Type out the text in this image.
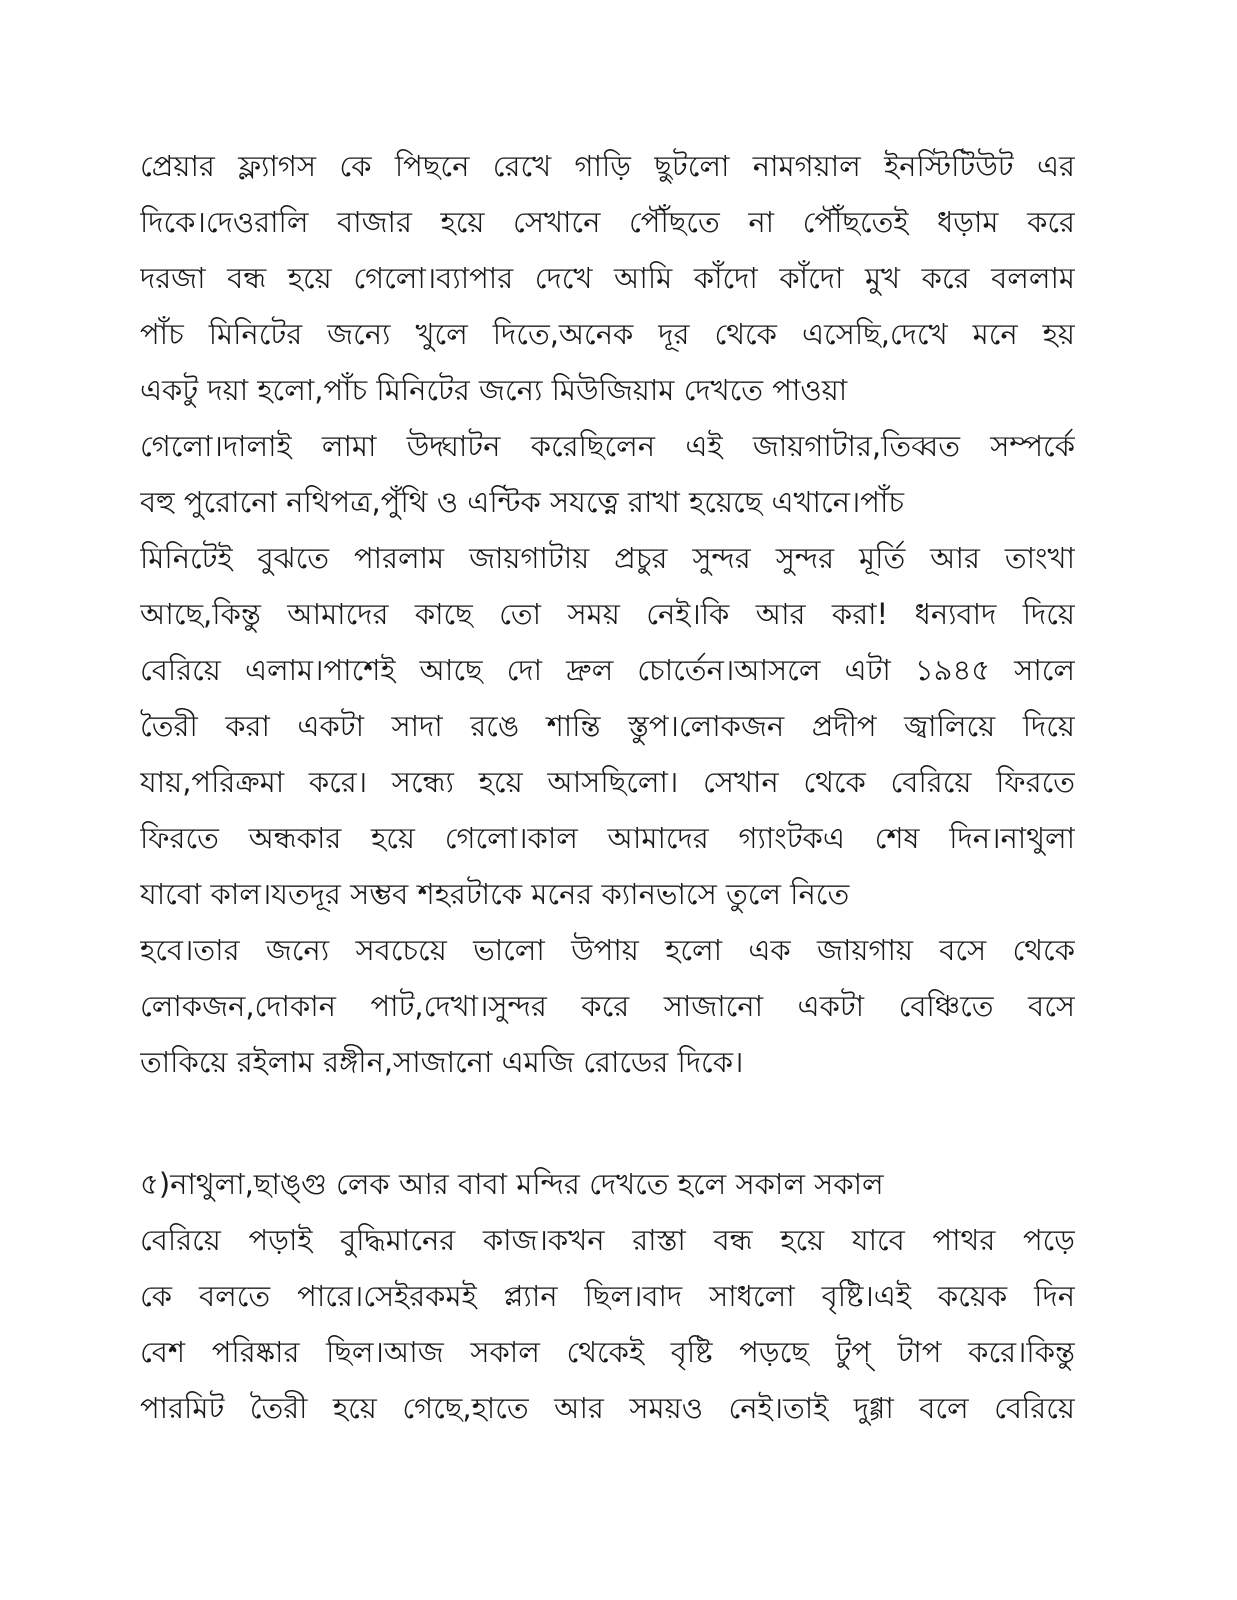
প্রেয়ার ফ্ল্যাগস কে পিছনে রেখে গাড়ি ছুটলো নামগয়াল ইনস্টিটিউট এর
দিকে।দেওরালি বাজার হয়ে সেখানে পৌঁছতে না পৌঁছতেই ধড়াম করে
দরজা বন্ধ হয়ে গেলো।ব্যাপার দেখে আমি কাঁদো কাঁদো মুখ করে বললাম
পাঁচ মিনিটের জন্যে খুলে দিতে,অনেক দূর থেকে এসেছি,দেখে মনে হয়
একটু দয়া হলো,পাঁচ মিনিটের জন্যে মিউজিয়াম দেখতে পাওয়া
গেলো।দালাই লামা উদ্ঘাটন করেছিলেন এই জায়গাটার,তিব্বত সম্পর্কে
বহু পুরোনো নথিপত্র,পুঁথি ও এন্টিক সযত্নে রাখা হয়েছে এখানে।পাঁচ
মিনিটেই বুঝতে পারলাম জায়গাটায় প্রচুর সুন্দর সুন্দর মূর্তি আর তাংখা
আছে,কিন্তু আমাদের কাছে তো সময় নেই।কি আর করা! ধন্যবাদ দিয়ে
বেরিয়ে এলাম।পাশেই আছে দো দ্রুল চোর্তেন।আসলে এটা ১৯৪৫ সালে
তৈরী করা একটা সাদা রঙে শান্তি স্তুপ।লোকজন প্রদীপ জ্বালিয়ে দিয়ে
যায়,পরিক্রমা করে। সন্ধ্যে হয়ে আসছিলো। সেখান থেকে বেরিয়ে ফিরতে
ফিরতে অন্ধকার হয়ে গেলো।কাল আমাদের গ্যাংটকএ শেষ দিন।নাথুলা
যাবো কাল।যতদূর সম্ভব শহরটাকে মনের ক্যানভাসে তুলে নিতে
হবে।তার জন্যে সবচেয়ে ভালো উপায় হলো এক জায়গায় বসে থেকে
লোকজন,দোকান পাট,দেখা।সুন্দর করে সাজানো একটা বেঞ্চিতে বসে
তাকিয়ে রইলাম রঙ্গীন,সাজানো এমজি রোডের দিকে।
৫)নাথুলা,ছাঙ্গু লেক আর বাবা মন্দির দেখতে হলে সকাল সকাল
বেরিয়ে পড়াই বুদ্ধিমানের কাজ।কখন রাস্তা বন্ধ হয়ে যাবে পাথর পড়ে
কে বলতে পারে।সেইরকমই প্ল্যান ছিল।বাদ সাধলো বৃষ্টি।এই কয়েক দিন
বেশ পরিষ্কার ছিল।আজ সকাল থেকেই বৃষ্টি পড়ছে টুপ্ টাপ করে।কিন্তু
পারমিট তৈরী হয়ে গেছে,হাতে আর সময়ও নেই।তাই দুগ্গা বলে বেরিয়ে
